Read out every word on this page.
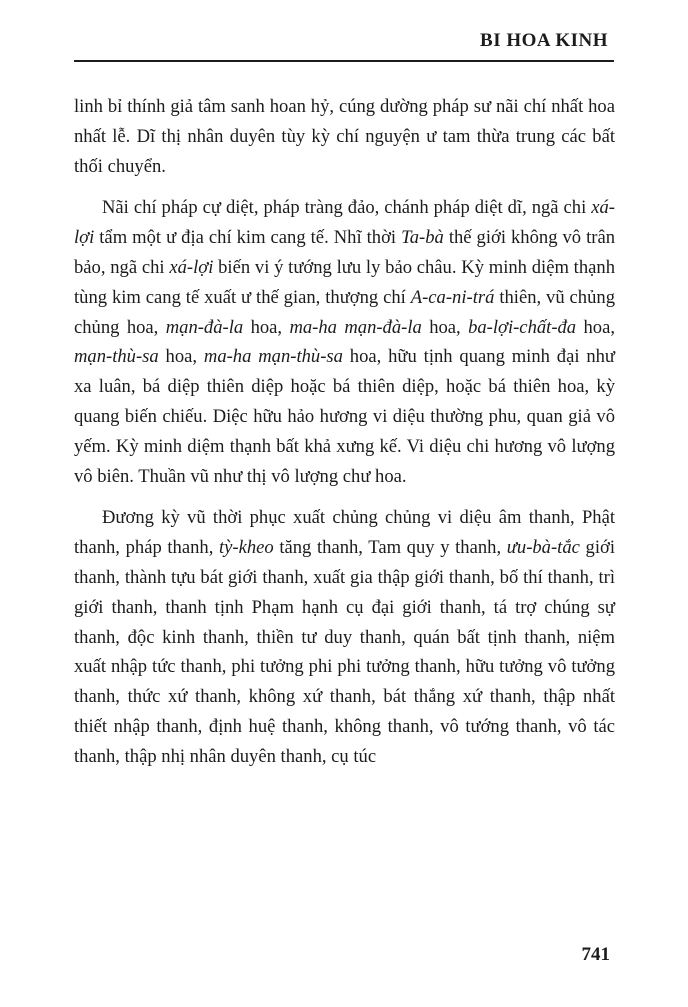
BI HOA KINH

linh bỉ thính giả tâm sanh hoan hỷ, cúng dường pháp sư nãi chí nhất hoa nhất lễ. Dĩ thị nhân duyên tùy kỳ chí nguyện ư tam thừa trung các bất thối chuyển.

Nãi chí pháp cự diệt, pháp tràng đảo, chánh pháp diệt dĩ, ngã chi xá-lợi tẩm một ư địa chí kim cang tế. Nhĩ thời Ta-bà thế giới không vô trân bảo, ngã chi xá-lợi biến vi ý tướng lưu ly bảo châu. Kỳ minh diệm thạnh tùng kim cang tế xuất ư thế gian, thượng chí A-ca-ni-trá thiên, vũ chủng chủng hoa, mạn-đà-la hoa, ma-ha mạn-đà-la hoa, ba-lợi-chất-đa hoa, mạn-thù-sa hoa, ma-ha mạn-thù-sa hoa, hữu tịnh quang minh đại như xa luân, bá diệp thiên diệp hoặc bá thiên diệp, hoặc bá thiên hoa, kỳ quang biến chiếu. Diệc hữu hảo hương vi diệu thường phu, quan giả vô yếm. Kỳ minh diệm thạnh bất khả xưng kế. Vi diệu chi hương vô lượng vô biên. Thuần vũ như thị vô lượng chư hoa.

Đương kỳ vũ thời phục xuất chủng chủng vi diệu âm thanh, Phật thanh, pháp thanh, tỳ-kheo tăng thanh, Tam quy y thanh, ưu-bà-tắc giới thanh, thành tựu bát giới thanh, xuất gia thập giới thanh, bố thí thanh, trì giới thanh, thanh tịnh Phạm hạnh cụ đại giới thanh, tá trợ chúng sự thanh, độc kinh thanh, thiền tư duy thanh, quán bất tịnh thanh, niệm xuất nhập tức thanh, phi tưởng phi phi tưởng thanh, hữu tưởng vô tưởng thanh, thức xứ thanh, không xứ thanh, bát thắng xứ thanh, thập nhất thiết nhập thanh, định huệ thanh, không thanh, vô tướng thanh, vô tác thanh, thập nhị nhân duyên thanh, cụ túc

741
